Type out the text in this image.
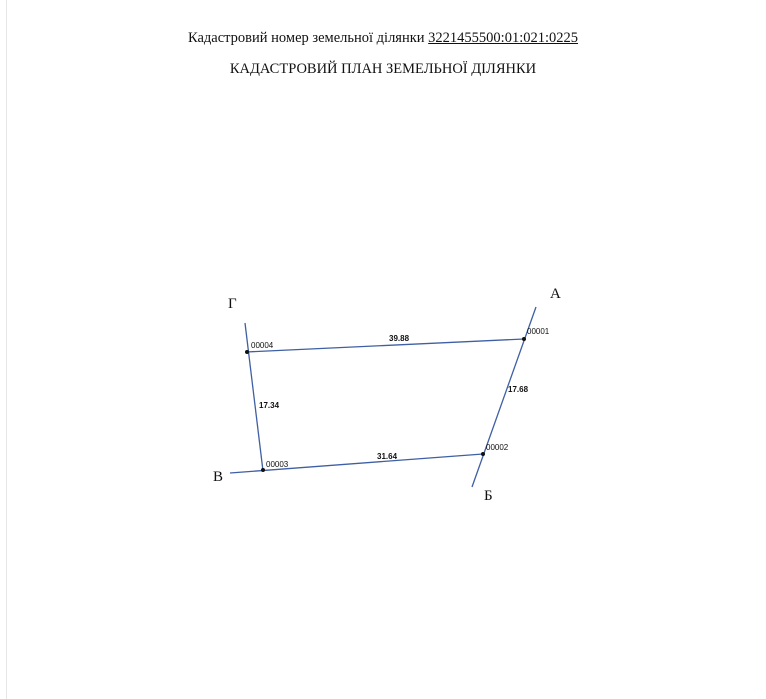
Кадастровий номер земельної ділянки 3221455500:01:021:0225
КАДАСТРОВИЙ ПЛАН ЗЕМЕЛЬНОЇ ДІЛЯНКИ
00001
00002
00003
00004
39.88
17.68
31.64
17.34
А
Б
В
Г
